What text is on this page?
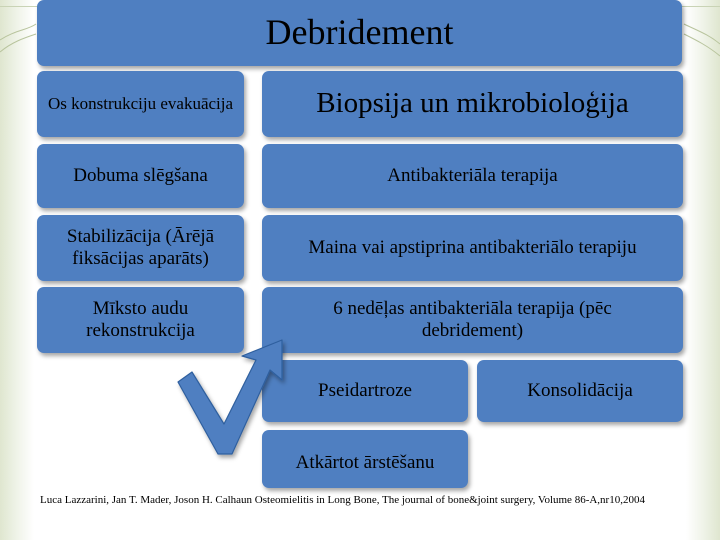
Debridement
Os konstrukciju evakuācija	Biopsija un mikrobioloģija
Dobuma slēgšana	Antibakteriāla terapija
Stabilizācija (Ārējā fiksācijas aparāts)
Maina vai apstiprina antibakteriālo terapiju
Mīksto audu rekonstrukcija
6 nedēļas antibakteriāla terapija (pēc debridement)
Pseidartroze	Konsolidācija
Atkārtot ārstēšanu
Luca Lazzarini, Jan T. Mader, Joson H. Calhaun Osteomielitis in Long Bone, The journal of bone&joint surgery, Volume 86-A,nr10,2004
